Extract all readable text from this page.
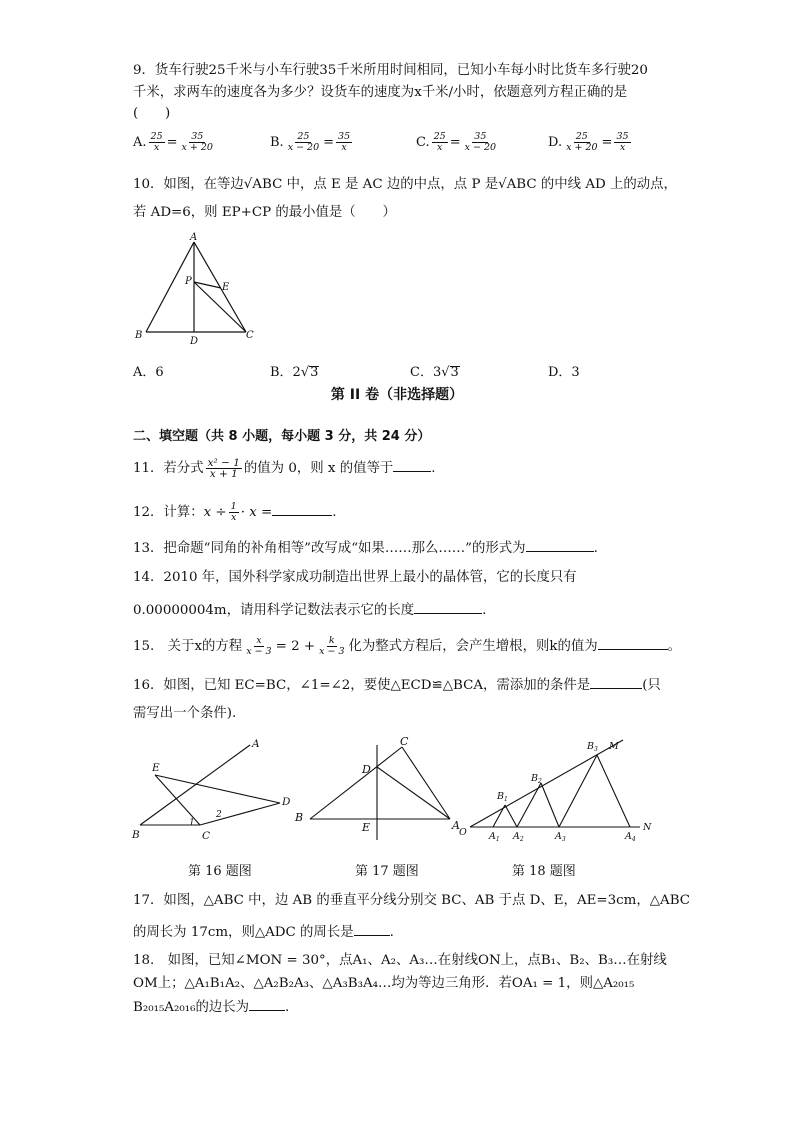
9．货车行驶25千米与小车行驶35千米所用时间相同，已知小车每小时比货车多行驶20
千米，求两车的速度各为多少？设货车的速度为x千米/小时，依题意列方程正确的是
(　　)
A. $\frac{25}{x} = \frac{35}{x + 20}$	B. $\frac{25}{x - 20} = \frac{35}{x}$	C. $\frac{25}{x} = \frac{35}{x - 20}$	D. $\frac{25}{x + 20} = \frac{35}{x}$
10．如图，在等边√ABC 中，点 E 是 AC 边的中点，点 P 是√ABC 的中线 AD 上的动点，
若 AD=6，则 EP+CP 的最小值是（　　）
A
B	C
D
P
E
A．6	B．2√3	C．3√3	D．3
第 II 卷（非选择题）
二、填空题（共 8 小题，每小题 3 分，共 24 分）
11．若分式 $\frac{\text{x² − 1}}{x + 1}$ 的值为 0，则 x 的值等于	.
12．计算：$x \div \frac{1}{x} \cdot x$ =	.
13．把命题“同角的补角相等”改写成“如果……那么……”的形式为	.
14．2010 年，国外科学家成功制造出世界上最小的晶体管，它的长度只有
0.00000004m，请用科学记数法表示它的长度	.
15.　关于x的方程 $\frac{x}{x - 3} = 2 + \frac{k}{x - 3}$ 化为整式方程后，会产生增根，则k的值为	。
16．如图，已知 EC=BC，∠1=∠2，要使△ECD≌△BCA，需添加的条件是	(只
需写出一个条件).
A
E
D
B	C
1
2
C
D
B
E	A
$B_3$ M
$B_2$
$B_1$
N
O $A_1$ $A_2$	$A_3$	$A_4$
第 16 题图	第 17 题图	第 18 题图
17．如图，△ABC 中，边 AB 的垂直平分线分别交 BC、AB 于点 D、E，AE=3cm，△ABC
的周长为 17cm，则△ADC 的周长是	.
18.　如图，已知∠MON = 30°，点A₁、A₂、A₃…在射线ON上，点B₁、B₂、B₃…在射线
OM上；△A₁B₁A₂、△A₂B₂A₃、△A₃B₃A₄…均为等边三角形．若OA₁ = 1，则△A₂₀₁₅
B₂₀₁₅A₂₀₁₆的边长为	.
